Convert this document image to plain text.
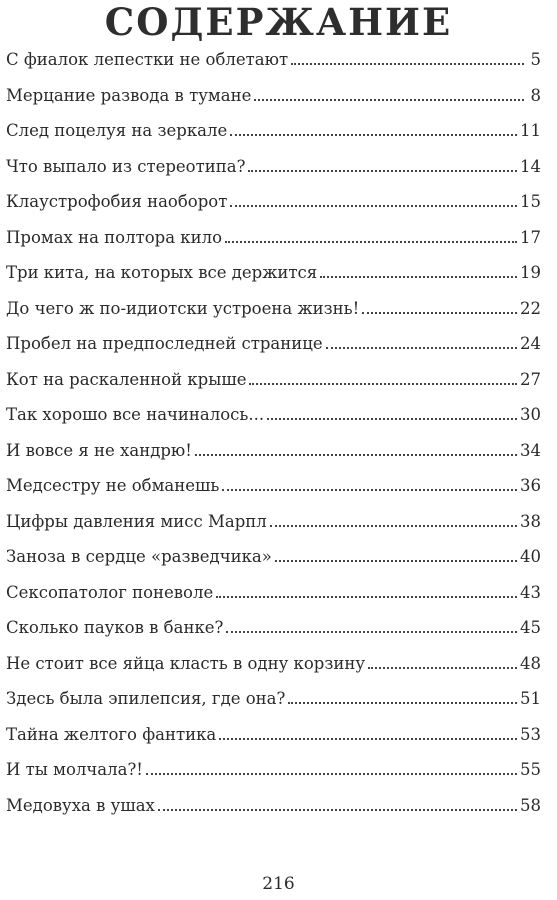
СОДЕРЖАНИЕ
С фиалок лепестки не облетают	5
Мерцание развода в тумане	8
След поцелуя на зеркале	11
Что выпало из стереотипа?	14
Клаустрофобия наоборот	15
Промах на полтора кило	17
Три кита, на которых все держится	19
До чего ж по-идиотски устроена жизнь!	22
Пробел на предпоследней странице	24
Кот на раскаленной крыше	27
Так хорошо все начиналось...	30
И вовсе я не хандрю!	34
Медсестру не обманешь	36
Цифры давления мисс Марпл	38
Заноза в сердце «разведчика»	40
Сексопатолог поневоле	43
Сколько пауков в банке?	45
Не стоит все яйца класть в одну корзину	48
Здесь была эпилепсия, где она?	51
Тайна желтого фантика	53
И ты молчала?!	55
Медовуха в ушах	58
216
